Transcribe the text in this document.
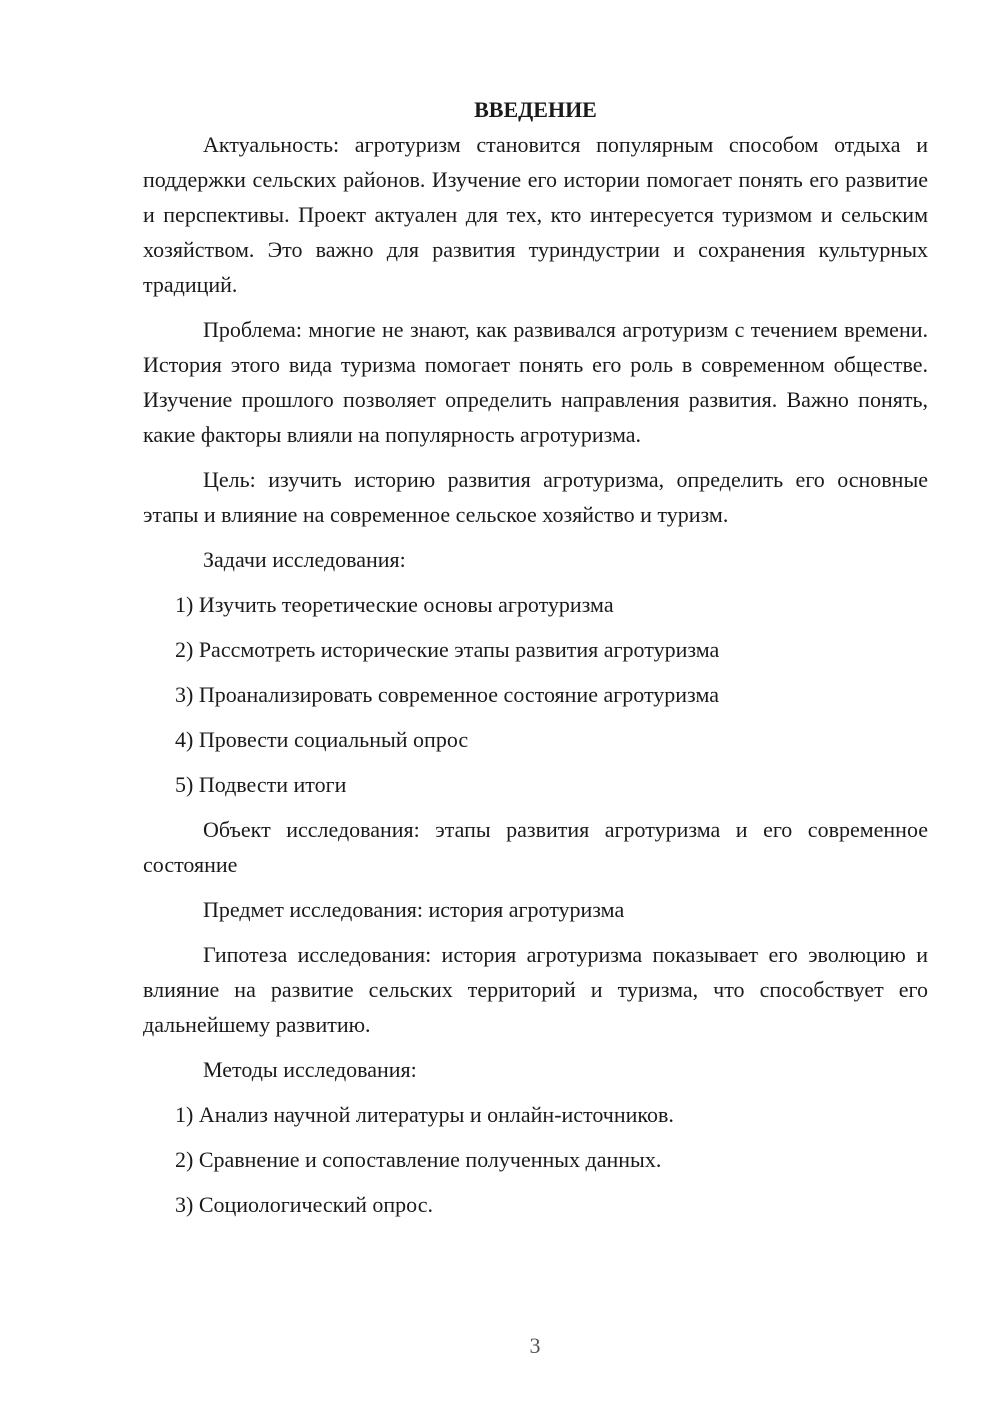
ВВЕДЕНИЕ

Актуальность: агротуризм становится популярным способом отдыха и поддержки сельских районов. Изучение его истории помогает понять его развитие и перспективы. Проект актуален для тех, кто интересуется туризмом и сельским хозяйством. Это важно для развития туриндустрии и сохранения культурных традиций.

Проблема: многие не знают, как развивался агротуризм с течением времени. История этого вида туризма помогает понять его роль в современном обществе. Изучение прошлого позволяет определить направления развития. Важно понять, какие факторы влияли на популярность агротуризма.

Цель: изучить историю развития агротуризма, определить его основные этапы и влияние на современное сельское хозяйство и туризм.

Задачи исследования:

1) Изучить теоретические основы агротуризма
2) Рассмотреть исторические этапы развития агротуризма
3) Проанализировать современное состояние агротуризма
4) Провести социальный опрос
5) Подвести итоги

Объект исследования: этапы развития агротуризма и его современное состояние

Предмет исследования: история агротуризма

Гипотеза исследования: история агротуризма показывает его эволюцию и влияние на развитие сельских территорий и туризма, что способствует его дальнейшему развитию.

Методы исследования:

1) Анализ научной литературы и онлайн-источников.
2) Сравнение и сопоставление полученных данных.
3) Социологический опрос.
3
